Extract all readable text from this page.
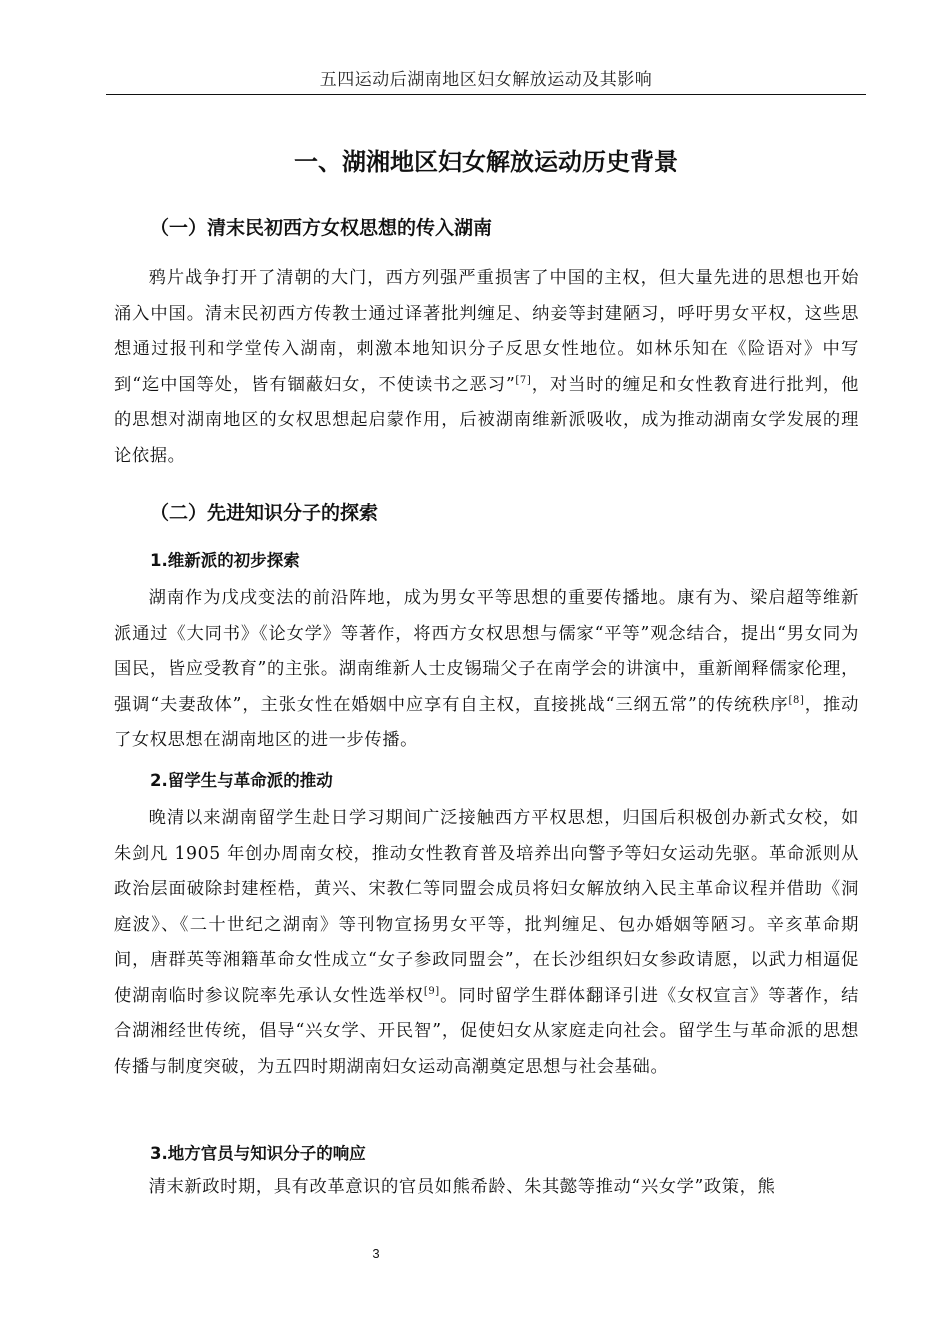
五四运动后湖南地区妇女解放运动及其影响
一、湖湘地区妇女解放运动历史背景
（一）清末民初西方女权思想的传入湖南
鸦片战争打开了清朝的大门，西方列强严重损害了中国的主权，但大量先进的思想也开始涌入中国。清末民初西方传教士通过译著批判缠足、纳妾等封建陋习，呼吁男女平权，这些思想通过报刊和学堂传入湖南，刺激本地知识分子反思女性地位。如林乐知在《险语对》中写到“迄中国等处，皆有锢蔽妇女，不使读书之恶习”[7]，对当时的缠足和女性教育进行批判，他的思想对湖南地区的女权思想起启蒙作用，后被湖南维新派吸收，成为推动湖南女学发展的理论依据。
（二）先进知识分子的探索
1.维新派的初步探索
湖南作为戊戌变法的前沿阵地，成为男女平等思想的重要传播地。康有为、梁启超等维新派通过《大同书》《论女学》等著作，将西方女权思想与儒家“平等”观念结合，提出“男女同为国民，皆应受教育”的主张。湖南维新人士皮锡瑞父子在南学会的讲演中，重新阐释儒家伦理，强调“夫妻敌体”，主张女性在婚姻中应享有自主权，直接挑战“三纲五常”的传统秩序[8]，推动了女权思想在湖南地区的进一步传播。
2.留学生与革命派的推动
晚清以来湖南留学生赴日学习期间广泛接触西方平权思想，归国后积极创办新式女校，如朱剑凡 1905 年创办周南女校，推动女性教育普及培养出向警予等妇女运动先驱。革命派则从政治层面破除封建桎梏，黄兴、宋教仁等同盟会成员将妇女解放纳入民主革命议程并借助《洞庭波》、《二十世纪之湖南》等刊物宣扬男女平等，批判缠足、包办婚姻等陋习。辛亥革命期间，唐群英等湘籍革命女性成立“女子参政同盟会”，在长沙组织妇女参政请愿，以武力相逼促使湖南临时参议院率先承认女性选举权[9]。同时留学生群体翻译引进《女权宣言》等著作，结合湖湘经世传统，倡导“兴女学、开民智”，促使妇女从家庭走向社会。留学生与革命派的思想传播与制度突破，为五四时期湖南妇女运动高潮奠定思想与社会基础。
3.地方官员与知识分子的响应
清末新政时期，具有改革意识的官员如熊希龄、朱其懿等推动“兴女学”政策，熊
3
